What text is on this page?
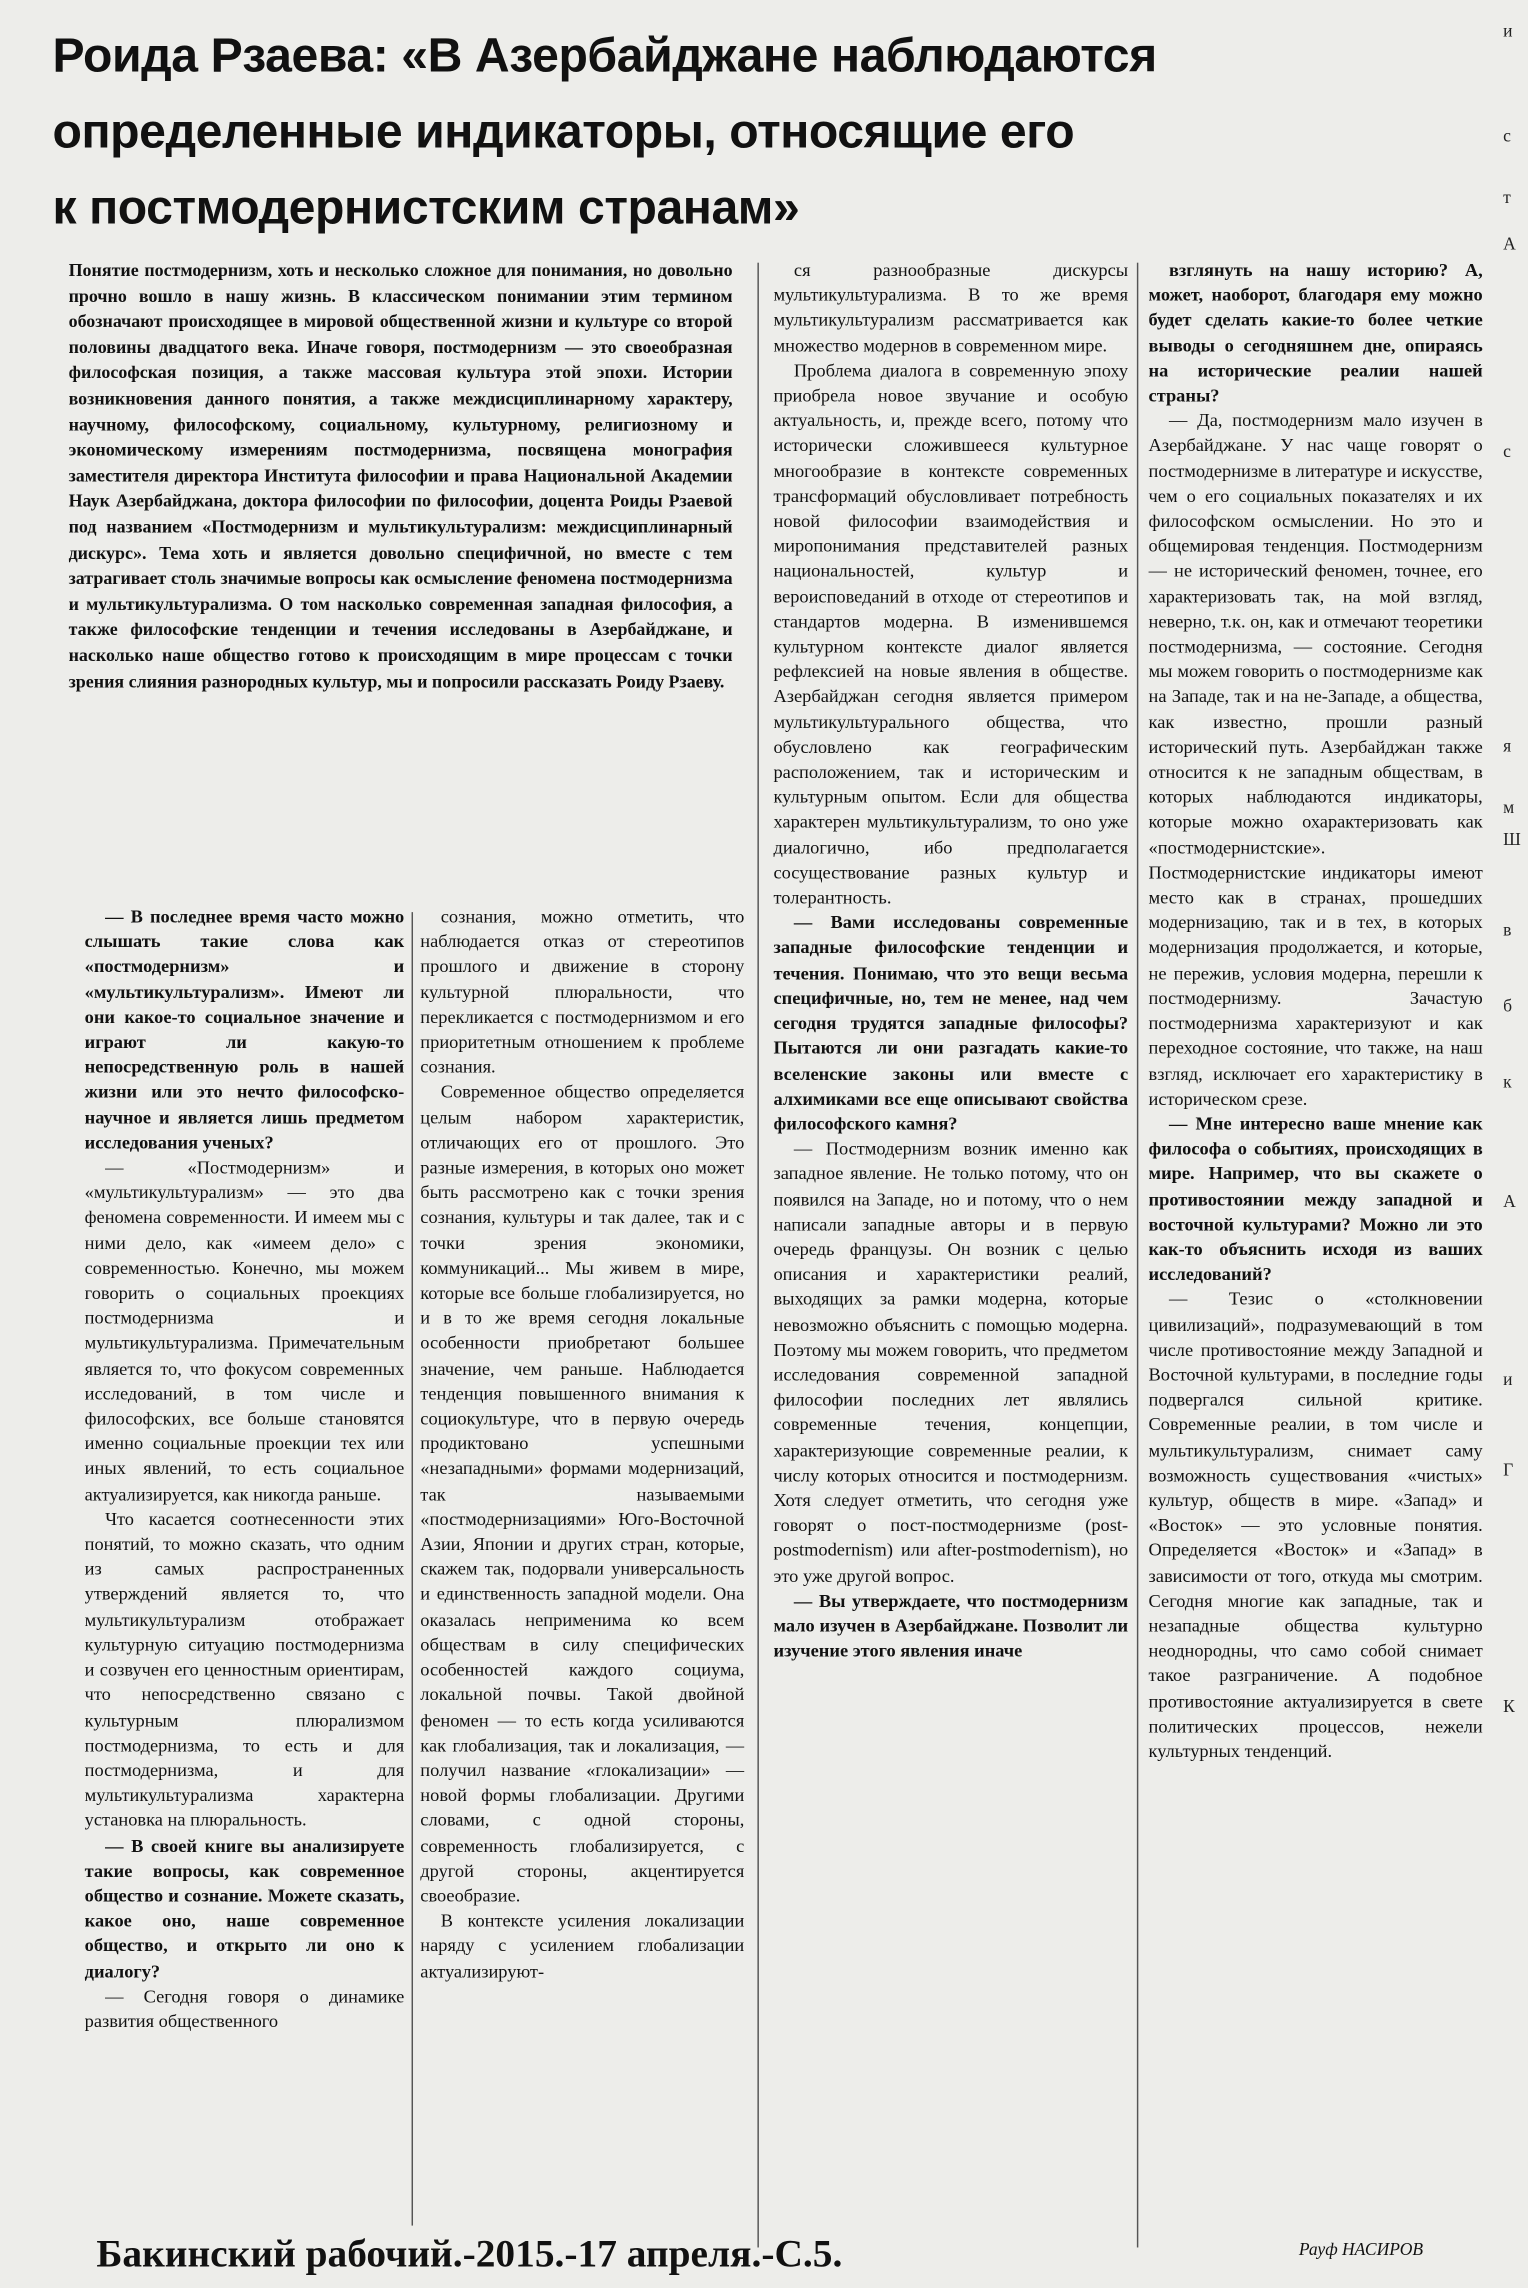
Роида Рзаева: «В Азербайджане наблюдаются
определенные индикаторы, относящие его
к постмодернистским странам»

Понятие постмодернизм, хоть и несколько сложное для понимания, но довольно прочно вошло в нашу жизнь. В классическом понимании этим термином обозначают происходящее в мировой общественной жизни и культуре со второй половины двадцатого века. Иначе говоря, постмодернизм — это своеобразная философская позиция, а также массовая культура этой эпохи. Истории возникновения данного понятия, а также междисциплинарному характеру, научному, философскому, социальному, культурному, религиозному и экономическому измерениям постмодернизма, посвящена монография заместителя директора Института философии и права Национальной Академии Наук Азербайджана, доктора философии по философии, доцента Роиды Рзаевой под названием «Постмодернизм и мультикультурализм: междисциплинарный дискурс». Тема хоть и является довольно специфичной, но вместе с тем затрагивает столь значимые вопросы как осмысление феномена постмодернизма и мультикультурализма. О том насколько современная западная философия, а также философские тенденции и течения исследованы в Азербайджане, и насколько наше общество готово к происходящим в мире процессам с точки зрения слияния разнородных культур, мы и попросили рассказать Роиду Рзаеву.

— В последнее время часто можно слышать такие слова как «постмодернизм» и «мультикультурализм». Имеют ли они какое-то социальное значение и играют ли какую-то непосредственную роль в нашей жизни или это нечто философско-научное и является лишь предметом исследования ученых?

— «Постмодернизм» и «мультикультурализм» — это два феномена современности. И имеем мы с ними дело, как «имеем дело» с современностью. Конечно, мы можем говорить о социальных проекциях постмодернизма и мультикультурализма. Примечательным является то, что фокусом современных исследований, в том числе и философских, все больше становятся именно социальные проекции тех или иных явлений, то есть социальное актуализируется, как никогда раньше.

Что касается соотнесенности этих понятий, то можно сказать, что одним из самых распространенных утверждений является то, что мультикультурализм отображает культурную ситуацию постмодернизма и созвучен его ценностным ориентирам, что непосредственно связано с культурным плюрализмом постмодернизма, то есть и для постмодернизма, и для мультикультурализма характерна установка на плюральность.

— В своей книге вы анализируете такие вопросы, как современное общество и сознание. Можете сказать, какое оно, наше современное общество, и открыто ли оно к диалогу?

— Сегодня говоря о динамике развития общественного

сознания, можно отметить, что наблюдается отказ от стереотипов прошлого и движение в сторону культурной плюральности, что перекликается с постмодернизмом и его приоритетным отношением к проблеме сознания.

Современное общество определяется целым набором характеристик, отличающих его от прошлого. Это разные измерения, в которых оно может быть рассмотрено как с точки зрения сознания, культуры и так далее, так и с точки зрения экономики, коммуникаций... Мы живем в мире, которые все больше глобализируется, но и в то же время сегодня локальные особенности приобретают большее значение, чем раньше. Наблюдается тенденция повышенного внимания к социокультуре, что в первую очередь продиктовано успешными «незападными» формами модернизаций, так называемыми «постмодернизациями» Юго-Восточной Азии, Японии и других стран, которые, скажем так, подорвали универсальность и единственность западной модели. Она оказалась неприменима ко всем обществам в силу специфических особенностей каждого социума, локальной почвы. Такой двойной феномен — то есть когда усиливаются как глобализация, так и локализация, — получил название «глокализации» — новой формы глобализации. Другими словами, с одной стороны, современность глобализируется, с другой стороны, акцентируется своеобразие.

В контексте усиления локализации наряду с усилением глобализации актуализируют-

ся разнообразные дискурсы мультикультурализма. В то же время мультикультурализм рассматривается как множество модернов в современном мире.

Проблема диалога в современную эпоху приобрела новое звучание и особую актуальность, и, прежде всего, потому что исторически сложившееся культурное многообразие в контексте современных трансформаций обусловливает потребность новой философии взаимодействия и миропонимания представителей разных национальностей, культур и вероисповеданий в отходе от стереотипов и стандартов модерна. В изменившемся культурном контексте диалог является рефлексией на новые явления в обществе. Азербайджан сегодня является примером мультикультурального общества, что обусловлено как географическим расположением, так и историческим и культурным опытом. Если для общества характерен мультикультурализм, то оно уже диалогично, ибо предполагается сосуществование разных культур и толерантность.

— Вами исследованы современные западные философские тенденции и течения. Понимаю, что это вещи весьма специфичные, но, тем не менее, над чем сегодня трудятся западные философы? Пытаются ли они разгадать какие-то вселенские законы или вместе с алхимиками все еще описывают свойства философского камня?

— Постмодернизм возник именно как западное явление. Не только потому, что он появился на Западе, но и потому, что о нем написали западные авторы и в первую очередь французы. Он возник с целью описания и характеристики реалий, выходящих за рамки модерна, которые невозможно объяснить с помощью модерна. Поэтому мы можем говорить, что предметом исследования современной западной философии последних лет являлись современные течения, концепции, характеризующие современные реалии, к числу которых относится и постмодернизм. Хотя следует отметить, что сегодня уже говорят о пост-постмодернизме (post-postmodernism) или after-postmodernism), но это уже другой вопрос.

— Вы утверждаете, что постмодернизм мало изучен в Азербайджане. Позволит ли изучение этого явления иначе

взглянуть на нашу историю? А, может, наоборот, благодаря ему можно будет сделать какие-то более четкие выводы о сегодняшнем дне, опираясь на исторические реалии нашей страны?

— Да, постмодернизм мало изучен в Азербайджане. У нас чаще говорят о постмодернизме в литературе и искусстве, чем о его социальных показателях и их философском осмыслении. Но это и общемировая тенденция. Постмодернизм — не исторический феномен, точнее, его характеризовать так, на мой взгляд, неверно, т.к. он, как и отмечают теоретики постмодернизма, — состояние. Сегодня мы можем говорить о постмодернизме как на Западе, так и на не-Западе, а общества, как известно, прошли разный исторический путь. Азербайджан также относится к не западным обществам, в которых наблюдаются индикаторы, которые можно охарактеризовать как «постмодернистские». Постмодернистские индикаторы имеют место как в странах, прошедших модернизацию, так и в тех, в которых модернизация продолжается, и которые, не пережив, условия модерна, перешли к постмодернизму. Зачастую постмодернизма характеризуют и как переходное состояние, что также, на наш взгляд, исключает его характеристику в историческом срезе.

— Мне интересно ваше мнение как философа о событиях, происходящих в мире. Например, что вы скажете о противостоянии между западной и восточной культурами? Можно ли это как-то объяснить исходя из ваших исследований?

— Тезис о «столкновении цивилизаций», подразумевающий в том числе противостояние между Западной и Восточной культурами, в последние годы подвергался сильной критике. Современные реалии, в том числе и мультикультурализм, снимает саму возможность существования «чистых» культур, обществ в мире. «Запад» и «Восток» — это условные понятия. Определяется «Восток» и «Запад» в зависимости от того, откуда мы смотрим. Сегодня многие как западные, так и незападные общества культурно неоднородны, что само собой снимает такое разграничение. А подобное противостояние актуализируется в свете политических процессов, нежели культурных тенденций.

Рауф НАСИРОВ
и
с
т
А
с
я
м
Ш
в
б
к
А
и
Г
К

Бакинский рабочий.-2015.-17 апреля.-С.5.
